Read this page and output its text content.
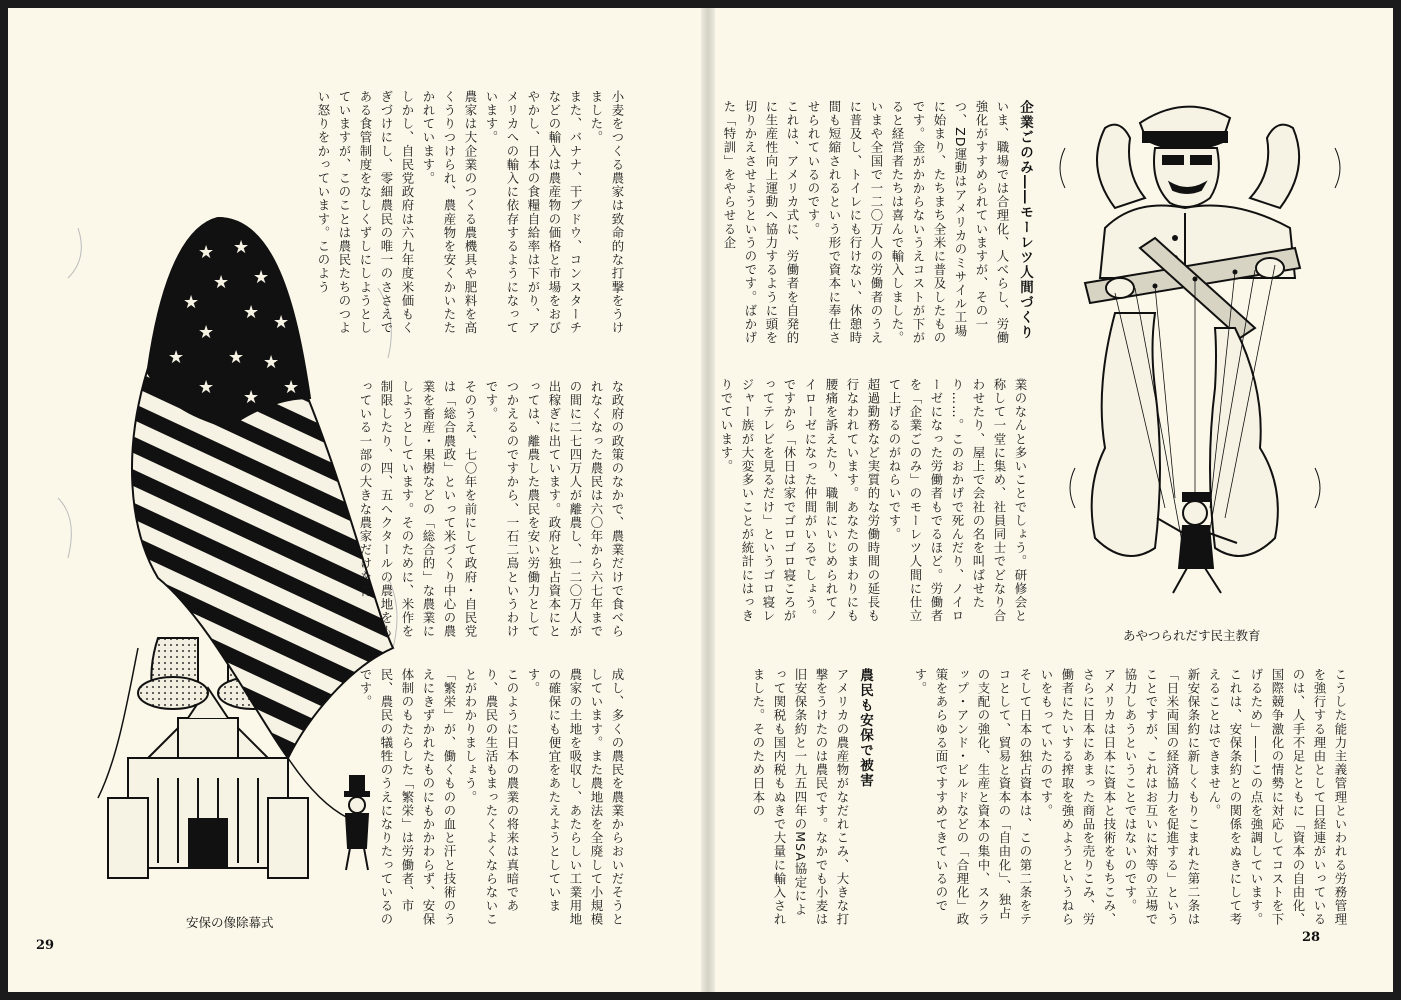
★ ★
★
★
★ ★ ★
★
★ ★ ★
★ ★ ★
安保の像除幕式
小麦をつくる農家は致命的な打撃をうけました。
また、バナナ、干ブドウ、コンスターチなどの輸入は農産物の価格と市場をおびやかし、日本の食糧自給率は下がり、アメリカへの輸入に依存するようになっています。
農家は大企業のつくる農機具や肥料を高くうりつけられ、農産物を安くかいたたかれています。
しかし、自民党政府は六九年度米価もくぎづけにし、零細農民の唯一のささえである食管制度をなしくずしにしようとしていますが、このことは農民たちのつよい怒りをかっています。このよう
な政府の政策のなかで、農業だけで食べられなくなった農民は六〇年から六七年までの間に二七四万人が離農し、一二〇万人が出稼ぎに出ています。政府と独占資本にとっては、離農した農民を安い労働力としてつかえるのですから、一石二鳥というわけです。
そのうえ、七〇年を前にして政府・自民党は「総合農政」といって米づくり中心の農業を畜産・果樹などの「総合的」な農業にしようとしています。そのために、米作を制限したり、四、五ヘクタールの農地をもっている一部の大きな農家だけを育
成し、多くの農民を農業からおいだそうとしています。また農地法を全廃して小規模農家の土地を吸収し、あたらしい工業用地の確保にも便宜をあたえようとしています。
このように日本の農業の将来は真暗であり、農民の生活もまったくよくならないことがわかりましょう。
「繁栄」が、働くものの血と汗と技術のうえにきずかれたものにもかかわらず、安保体制のもたらした「繁栄」は労働者、市民、農民の犠牲のうえになりたっているのです。
29
企業ごのみ――モーレツ人間づくり
いま、職場では合理化、人べらし、労働強化がすすめられていますが、その一つ、ZD運動はアメリカのミサイル工場に始まり、たちまち全米に普及したものです。金がかからないうえコストが下がると経営者たちは喜んで輸入しました。いまや全国で一二〇万人の労働者のうえに普及し、トイレにも行けない、休憩時間も短縮されるという形で資本に奉仕させられているのです。
これは、アメリカ式に、労働者を自発的に生産性向上運動へ協力するように頭を切りかえさせようというのです。ばかげた「特訓」をやらせる企
業のなんと多いことでしょう。研修会と称して一堂に集め、社員同士でどなり合わせたり、屋上で会社の名を叫ばせたり……。このおかげで死んだり、ノイローゼになった労働者もでるほど。労働者を「企業ごのみ」のモーレツ人間に仕立て上げるのがねらいです。
超過勤務など実質的な労働時間の延長も行なわれています。あなたのまわりにも腰痛を訴えたり、職制にいじめられてノイローゼになった仲間がいるでしょう。ですから「休日は家でゴロゴロ寝ころがってテレビを見るだけ」というゴロ寝レジャー族が大変多いことが統計にはっきりでています。
農民も安保で被害
アメリカの農産物がなだれこみ、大きな打撃をうけたのは農民です。なかでも小麦は旧安保条約と一九五四年のMSA協定によって関税も国内税もぬきで大量に輸入されました。そのため日本の	こうした能力主義管理といわれる労務管理を強行する理由として日経連がいっているのは、人手不足とともに「資本の自由化、国際競争激化の情勢に対応してコストを下げるため」――この点を強調しています。
これは、安保条約との関係をぬきにして考えることはできません。
新安保条約に新しくもりこまれた第二条は「日米両国の経済協力を促進する」ということですが、これはお互いに対等の立場で協力しあうということではないのです。
アメリカは日本に資本と技術をもちこみ、さらに日本にあまった商品を売りこみ、労働者にたいする搾取を強めようというねらいをもっていたのです。
そして日本の独占資本は、この第二条をテコとして、貿易と資本の「自由化」、独占の支配の強化、生産と資本の集中、スクラップ・アンド・ビルドなどの「合理化」政策をあらゆる面ですすめてきているのです。
あやつられだす民主教育
28
